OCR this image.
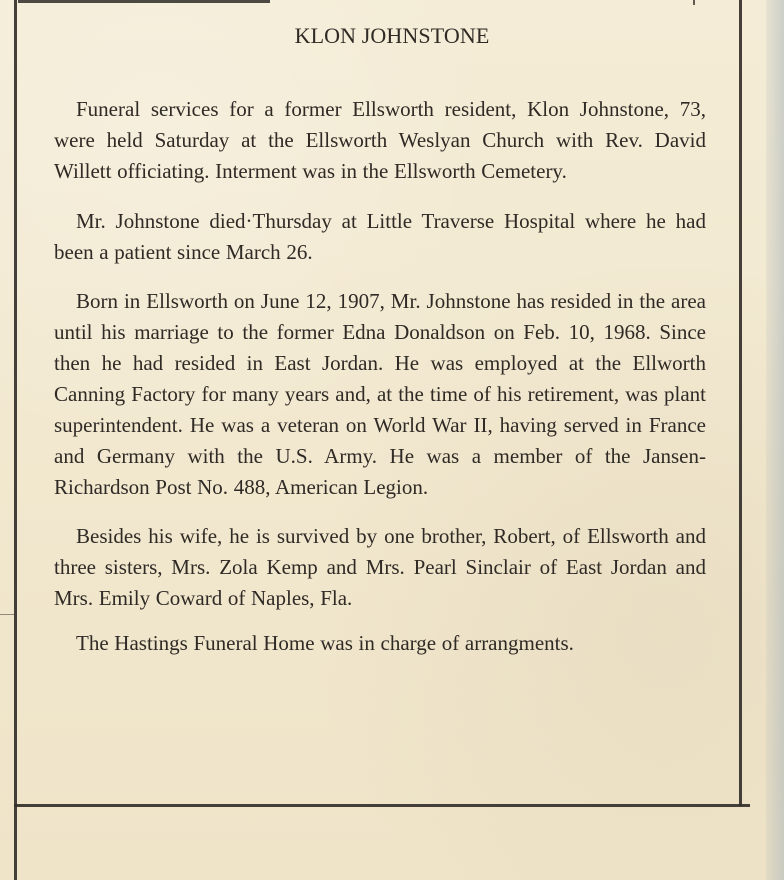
KLON JOHNSTONE

Funeral services for a former Ellsworth resident, Klon Johnstone, 73, were held Saturday at the Ellsworth Weslyan Church with Rev. David Willett officiating. Interment was in the Ellsworth Cemetery.

Mr. Johnstone died·Thursday at Little Traverse Hospital where he had been a patient since March 26.

Born in Ellsworth on June 12, 1907, Mr. Johnstone has resided in the area until his marriage to the former Edna Donaldson on Feb. 10, 1968. Since then he had resided in East Jordan. He was employed at the Ellworth Canning Factory for many years and, at the time of his retirement, was plant superintendent. He was a veteran on World War II, having served in France and Germany with the U.S. Army. He was a member of the Jansen-Richardson Post No. 488, American Legion.

Besides his wife, he is survived by one brother, Robert, of Ellsworth and three sisters, Mrs. Zola Kemp and Mrs. Pearl Sinclair of East Jordan and Mrs. Emily Coward of Naples, Fla.

The Hastings Funeral Home was in charge of arrangments.
